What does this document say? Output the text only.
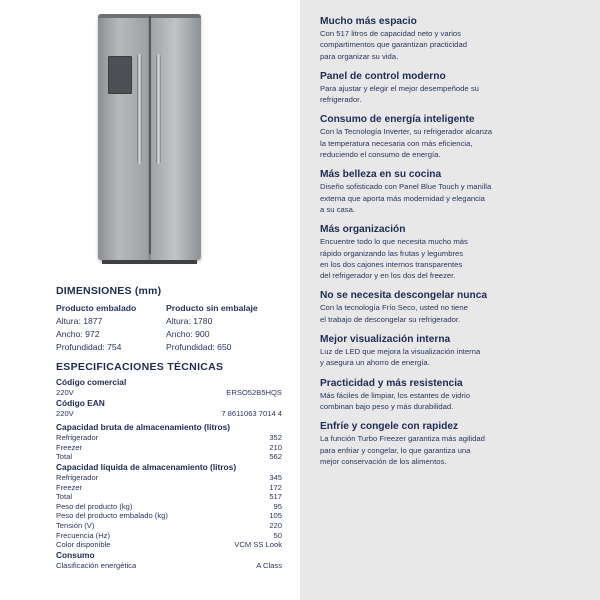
DIMENSIONES (mm)
Producto embalado
Altura: 1877
Ancho: 972
Profundidad: 754
Producto sin embalaje
Altura: 1780
Ancho: 900
Profundidad: 650
ESPECIFICACIONES TÉCNICAS
Código comercial
220V	ERSO52B5HQS
Código EAN
220V	7 8611063 7014 4
Capacidad bruta de almacenamiento (litros)
Refrigerador	352
Freezer	210
Total	562
Capacidad líquida de almacenamiento (litros)
Refrigerador	345
Freezer	172
Total	517
Peso del producto (kg)	95
Peso del producto embalado (kg)	105
Tensión (V)	220
Frecuencia (Hz)	50
Color disponible	VCM SS Look
Consumo
Clasificación energética	A Class
Mucho más espacio
Con 517 litros de capacidad neto y varios
compartimentos que garantizan practicidad
para organizar su vida.
Panel de control moderno
Para ajustar y elegir el mejor desempeñode su
refrigerador.
Consumo de energía inteligente
Con la Tecnología Inverter, su refrigerador alcanza
la temperatura necesaria con más eficiencia,
reduciendo el consumo de energía.
Más belleza en su cocina
Diseño sofisticado con Panel Blue Touch y manilla
externa que aporta más modernidad y elegancia
a su casa.
Más organización
Encuentre todo lo que necesita mucho más
rápido organizando las frutas y legumbres
en los dos cajones internos transparentes
del refrigerador y en los dos del freezer.
No se necesita descongelar nunca
Con la tecnología Frío Seco, usted no tiene
el trabajo de descongelar su refrigerador.
Mejor visualización interna
Luz de LED que mejora la visualización interna
y asegura un ahorro de energía.
Practicidad y más resistencia
Más fáciles de limpiar, los estantes de vidrio
combinan bajo peso y más durabilidad.
Enfríe y congele con rapidez
La función Turbo Freezer garantiza más agilidad
para enfriar y congelar, lo que garantiza una
mejor conservación de los alimentos.
